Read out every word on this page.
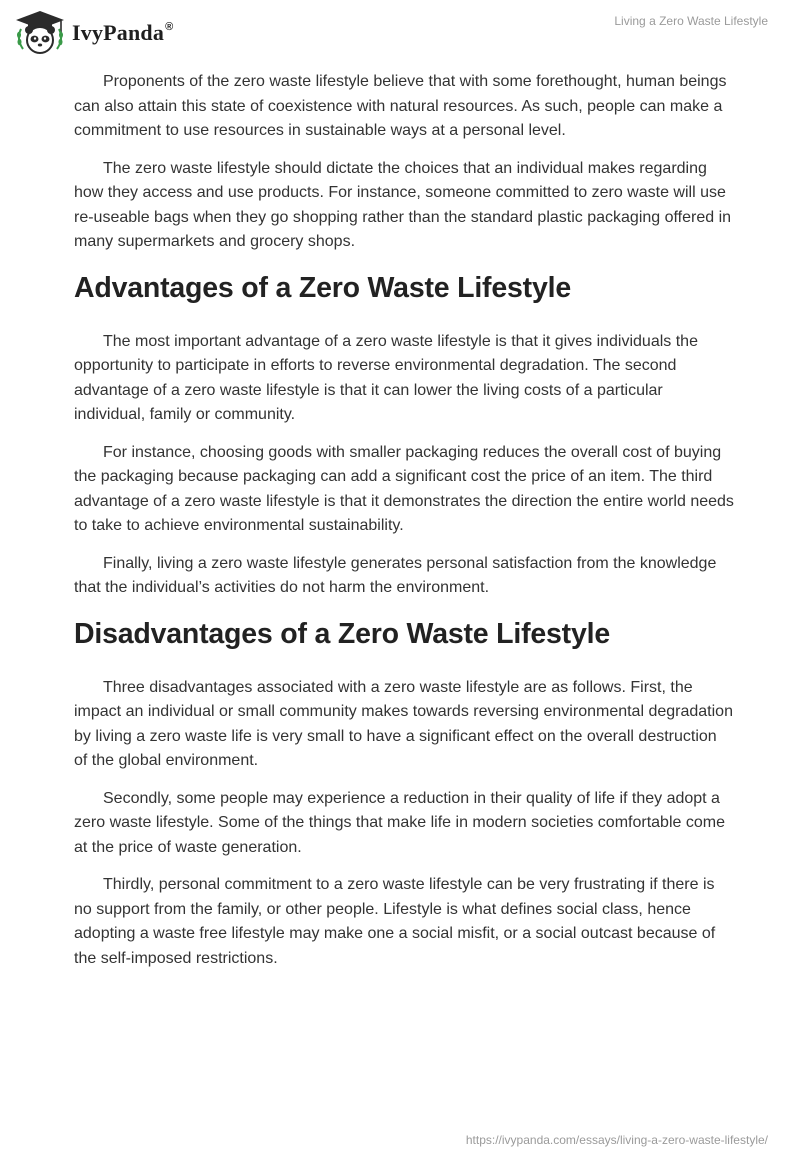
IvyPanda®	Living a Zero Waste Lifestyle

Proponents of the zero waste lifestyle believe that with some forethought, human beings can also attain this state of coexistence with natural resources. As such, people can make a commitment to use resources in sustainable ways at a personal level.

The zero waste lifestyle should dictate the choices that an individual makes regarding how they access and use products. For instance, someone committed to zero waste will use re-useable bags when they go shopping rather than the standard plastic packaging offered in many supermarkets and grocery shops.

Advantages of a Zero Waste Lifestyle

The most important advantage of a zero waste lifestyle is that it gives individuals the opportunity to participate in efforts to reverse environmental degradation. The second advantage of a zero waste lifestyle is that it can lower the living costs of a particular individual, family or community.

For instance, choosing goods with smaller packaging reduces the overall cost of buying the packaging because packaging can add a significant cost the price of an item. The third advantage of a zero waste lifestyle is that it demonstrates the direction the entire world needs to take to achieve environmental sustainability.

Finally, living a zero waste lifestyle generates personal satisfaction from the knowledge that the individual’s activities do not harm the environment.

Disadvantages of a Zero Waste Lifestyle

Three disadvantages associated with a zero waste lifestyle are as follows. First, the impact an individual or small community makes towards reversing environmental degradation by living a zero waste life is very small to have a significant effect on the overall destruction of the global environment.

Secondly, some people may experience a reduction in their quality of life if they adopt a zero waste lifestyle. Some of the things that make life in modern societies comfortable come at the price of waste generation.

Thirdly, personal commitment to a zero waste lifestyle can be very frustrating if there is no support from the family, or other people. Lifestyle is what defines social class, hence adopting a waste free lifestyle may make one a social misfit, or a social outcast because of the self-imposed restrictions.

https://ivypanda.com/essays/living-a-zero-waste-lifestyle/
